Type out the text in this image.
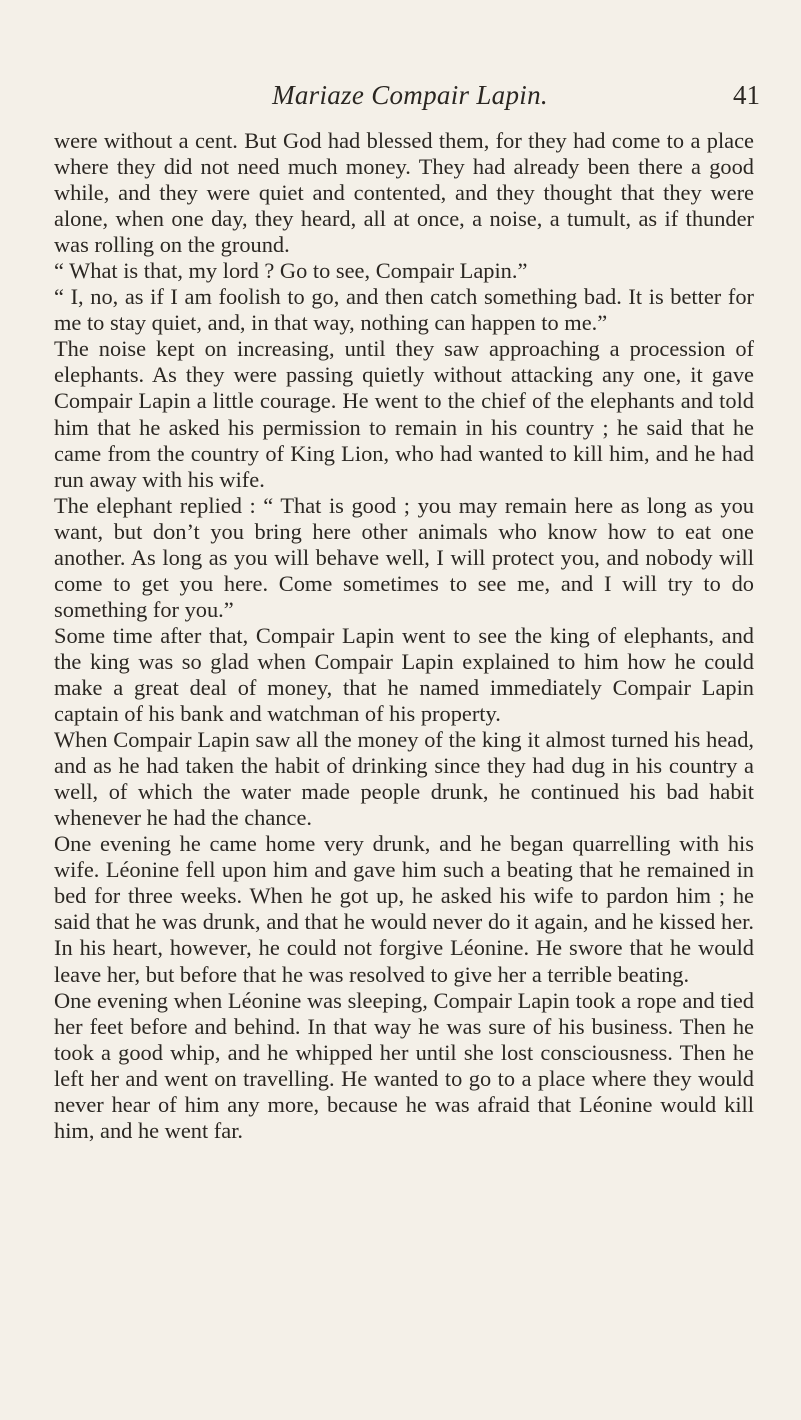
Mariaze Compair Lapin.	41

were without a cent. But God had blessed them, for they had come to a place where they did not need much money. They had already been there a good while, and they were quiet and contented, and they thought that they were alone, when one day, they heard, all at once, a noise, a tumult, as if thunder was rolling on the ground.

“ What is that, my lord ? Go to see, Compair Lapin.”

“ I, no, as if I am foolish to go, and then catch something bad. It is better for me to stay quiet, and, in that way, nothing can happen to me.”

The noise kept on increasing, until they saw approaching a procession of elephants. As they were passing quietly without attacking any one, it gave Compair Lapin a little courage. He went to the chief of the elephants and told him that he asked his permission to remain in his country ; he said that he came from the country of King Lion, who had wanted to kill him, and he had run away with his wife.

The elephant replied : “ That is good ; you may remain here as long as you want, but don’t you bring here other animals who know how to eat one another. As long as you will behave well, I will protect you, and nobody will come to get you here. Come sometimes to see me, and I will try to do something for you.”

Some time after that, Compair Lapin went to see the king of elephants, and the king was so glad when Compair Lapin explained to him how he could make a great deal of money, that he named immediately Compair Lapin captain of his bank and watchman of his property.

When Compair Lapin saw all the money of the king it almost turned his head, and as he had taken the habit of drinking since they had dug in his country a well, of which the water made people drunk, he continued his bad habit whenever he had the chance.

One evening he came home very drunk, and he began quarrelling with his wife. Léonine fell upon him and gave him such a beating that he remained in bed for three weeks. When he got up, he asked his wife to pardon him ; he said that he was drunk, and that he would never do it again, and he kissed her. In his heart, however, he could not forgive Léonine. He swore that he would leave her, but before that he was resolved to give her a terrible beating.

One evening when Léonine was sleeping, Compair Lapin took a rope and tied her feet before and behind. In that way he was sure of his business. Then he took a good whip, and he whipped her until she lost consciousness. Then he left her and went on travelling. He wanted to go to a place where they would never hear of him any more, because he was afraid that Léonine would kill him, and he went far.
